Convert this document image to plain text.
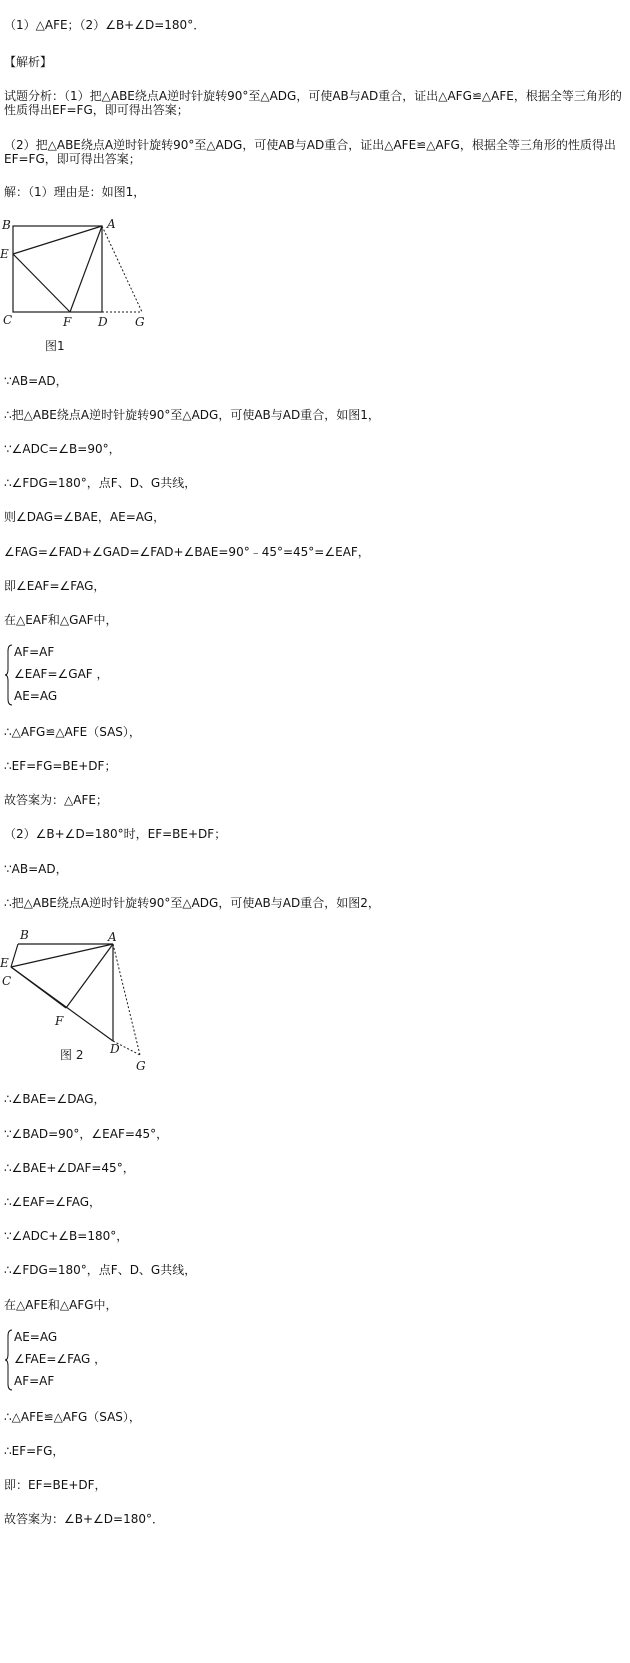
（1）△AFE；（2）∠B+∠D=180°．
【解析】
试题分析：（1）把△ABE绕点A逆时针旋转90°至△ADG，可使AB与AD重合，证出△AFG≌△AFE，根据全等三角形的性质得出EF=FG，即可得出答案；
（2）把△ABE绕点A逆时针旋转90°至△ADG，可使AB与AD重合，证出△AFE≌△AFG，根据全等三角形的性质得出EF=FG，即可得出答案；
解：（1）理由是：如图1，
B	A
E
C	F D G
图1
∵AB=AD，
∴把△ABE绕点A逆时针旋转90°至△ADG，可使AB与AD重合，如图1，
∵∠ADC=∠B=90°，
∴∠FDG=180°，点F、D、G共线，
则∠DAG=∠BAE，AE=AG，
∠FAG=∠FAD+∠GAD=∠FAD+∠BAE=90°﹣45°=45°=∠EAF，
即∠EAF=∠FAG，
在△EAF和△GAF中，
AF=AF
∠EAF=∠GAF ，
AE=AG
∴△AFG≌△AFE（SAS），
∴EF=FG=BE+DF；
故答案为：△AFE；
（2）∠B+∠D=180°时，EF=BE+DF；
∵AB=AD，
∴把△ABE绕点A逆时针旋转90°至△ADG，可使AB与AD重合，如图2，
B	A
E
C
F
D
G
图 2
∴∠BAE=∠DAG，
∵∠BAD=90°，∠EAF=45°，
∴∠BAE+∠DAF=45°，
∴∠EAF=∠FAG，
∵∠ADC+∠B=180°，
∴∠FDG=180°，点F、D、G共线，
在△AFE和△AFG中，
AE=AG
∠FAE=∠FAG ，
AF=AF
∴△AFE≌△AFG（SAS），
∴EF=FG，
即：EF=BE+DF，
故答案为：∠B+∠D=180°．
